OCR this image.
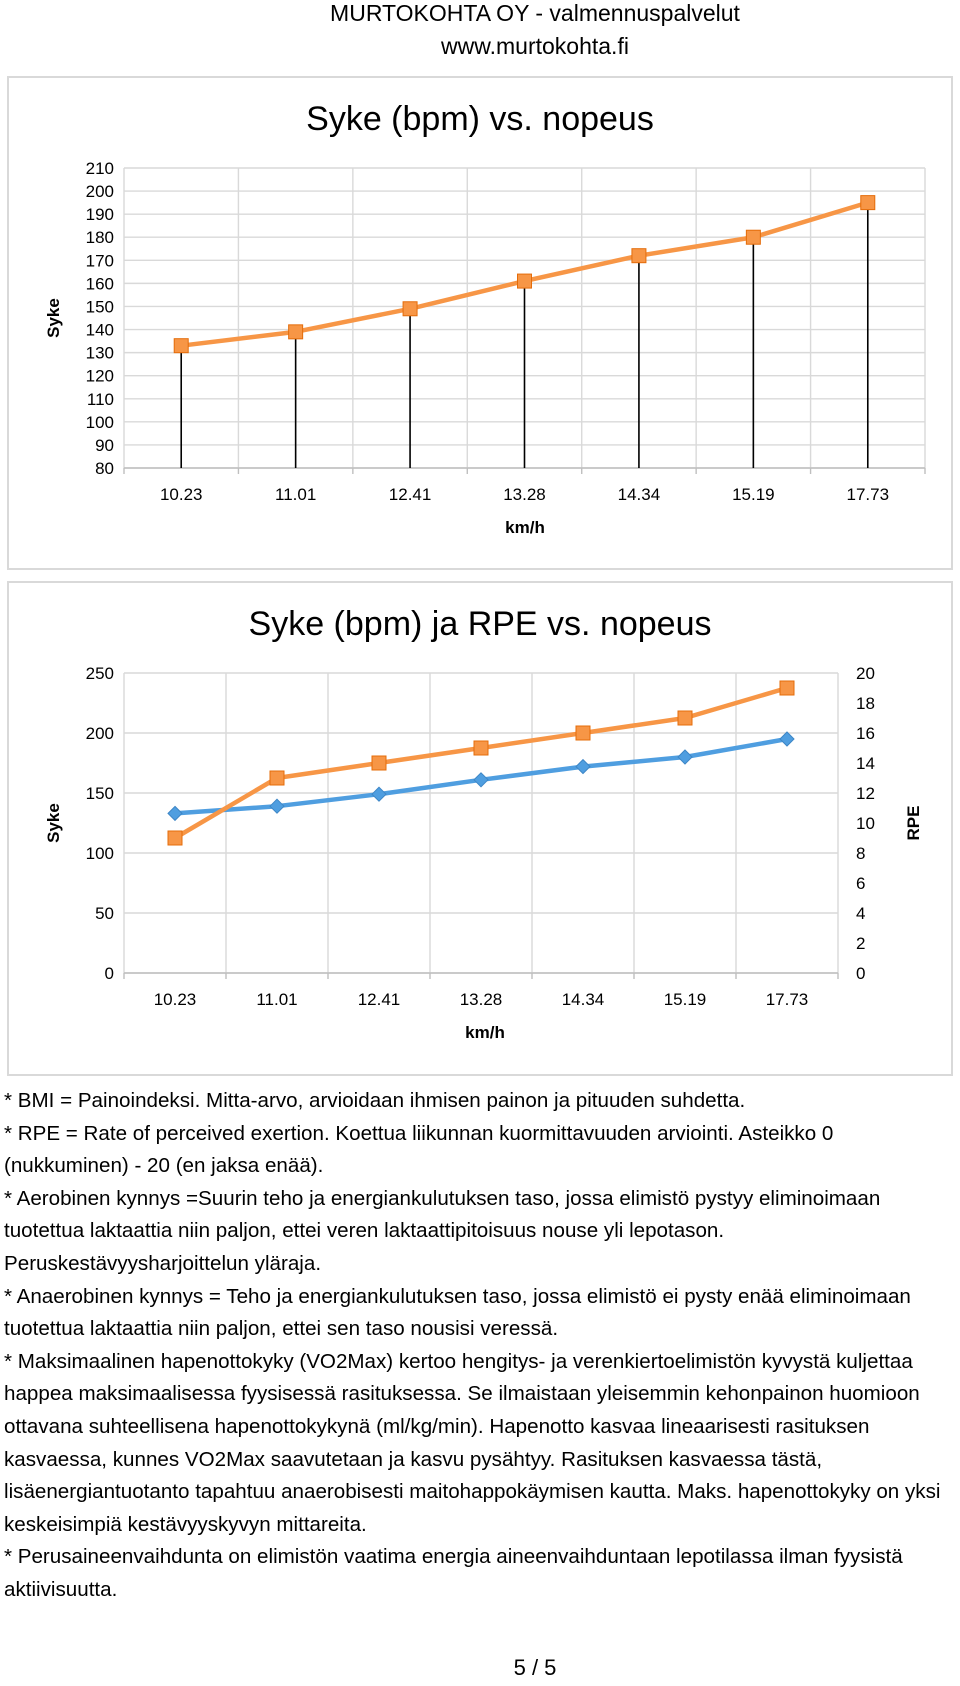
MURTOKOHTA OY - valmennuspalvelut
www.murtokohta.fi
Syke (bpm) vs. nopeus
80
90
100
110
120
130
140
150
160
170
180
190
200
210
10.23	11.01	12.41	13.28	14.34	15.19	17.73
km/h
Syke
Syke (bpm) ja RPE vs. nopeus
0
50
100
150
200
250
10.23	11.01	12.41	13.28	14.34	15.19	17.73
km/h
Syke
0
2
4
6
8
10
12
14
16
18
20
RPE

* BMI = Painoindeksi. Mitta-arvo, arvioidaan ihmisen painon ja pituuden suhdetta.

* RPE = Rate of perceived exertion. Koettua liikunnan kuormittavuuden arviointi. Asteikko 0 (nukkuminen) - 20 (en jaksa enää).

* Aerobinen kynnys =Suurin teho ja energiankulutuksen taso, jossa elimistö pystyy eliminoimaan tuotettua laktaattia niin paljon, ettei veren laktaattipitoisuus nouse yli lepotason. Peruskestävyysharjoittelun yläraja.

* Anaerobinen kynnys = Teho ja energiankulutuksen taso, jossa elimistö ei pysty enää eliminoimaan tuotettua laktaattia niin paljon, ettei sen taso nousisi veressä.

* Maksimaalinen hapenottokyky (VO2Max) kertoo hengitys- ja verenkiertoelimistön kyvystä kuljettaa happea maksimaalisessa fyysisessä rasituksessa. Se ilmaistaan yleisemmin kehonpainon huomioon ottavana suhteellisena hapenottokykynä (ml/kg/min). Hapenotto kasvaa lineaarisesti rasituksen kasvaessa, kunnes VO2Max saavutetaan ja kasvu pysähtyy. Rasituksen kasvaessa tästä, lisäenergiantuotanto tapahtuu anaerobisesti maitohappokäymisen kautta. Maks. hapenottokyky on yksi keskeisimpiä kestävyyskyvyn mittareita.

* Perusaineenvaihdunta on elimistön vaatima energia aineenvaihduntaan lepotilassa ilman fyysistä aktiivisuutta.

5 / 5
